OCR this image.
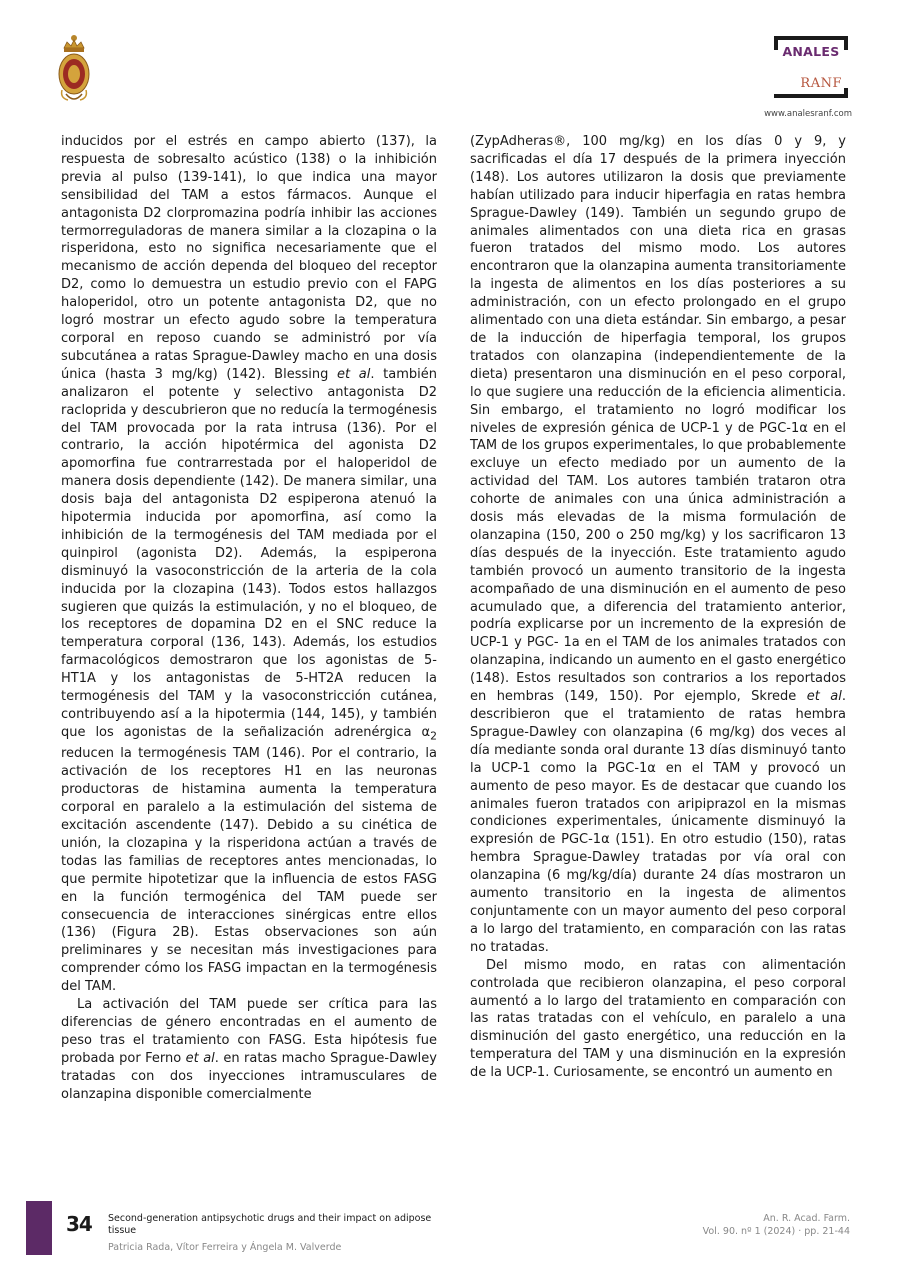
ANALES
RANF
www.analesranf.com

inducidos por el estrés en campo abierto (137), la respuesta de sobresalto acústico (138) o la inhibición previa al pulso (139-141), lo que indica una mayor sensibilidad del TAM a estos fármacos. Aunque el antagonista D2 clorpromazina podría inhibir las acciones termorreguladoras de manera similar a la clozapina o la risperidona, esto no significa necesariamente que el mecanismo de acción dependa del bloqueo del receptor D2, como lo demuestra un estudio previo con el FAPG haloperidol, otro un potente antagonista D2, que no logró mostrar un efecto agudo sobre la temperatura corporal en reposo cuando se administró por vía subcutánea a ratas Sprague-Dawley macho en una dosis única (hasta 3 mg/kg) (142). Blessing et al. también analizaron el potente y selectivo antagonista D2 racloprida y descubrieron que no reducía la termogénesis del TAM provocada por la rata intrusa (136). Por el contrario, la acción hipotérmica del agonista D2 apomorfina fue contrarrestada por el haloperidol de manera dosis dependiente (142). De manera similar, una dosis baja del antagonista D2 espiperona atenuó la hipotermia inducida por apomorfina, así como la inhibición de la termogénesis del TAM mediada por el quinpirol (agonista D2). Además, la espiperona disminuyó la vasoconstricción de la arteria de la cola inducida por la clozapina (143). Todos estos hallazgos sugieren que quizás la estimulación, y no el bloqueo, de los receptores de dopamina D2 en el SNC reduce la temperatura corporal (136, 143). Además, los estudios farmacológicos demostraron que los agonistas de 5-HT1A y los antagonistas de 5-HT2A reducen la termogénesis del TAM y la vasoconstricción cutánea, contribuyendo así a la hipotermia (144, 145), y también que los agonistas de la señalización adrenérgica $\alpha_2$ reducen la termogénesis TAM (146). Por el contrario, la activación de los receptores H1 en las neuronas productoras de histamina aumenta la temperatura corporal en paralelo a la estimulación del sistema de excitación ascendente (147). Debido a su cinética de unión, la clozapina y la risperidona actúan a través de todas las familias de receptores antes mencionadas, lo que permite hipotetizar que la influencia de estos FASG en la función termogénica del TAM puede ser consecuencia de interacciones sinérgicas entre ellos (136) (Figura 2B). Estas observaciones son aún preliminares y se necesitan más investigaciones para comprender cómo los FASG impactan en la termogénesis del TAM.

La activación del TAM puede ser crítica para las diferencias de género encontradas en el aumento de peso tras el tratamiento con FASG. Esta hipótesis fue probada por Ferno et al. en ratas macho Sprague-Dawley tratadas con dos inyecciones intramusculares de olanzapina disponible comercialmente

(ZypAdheras®, 100 mg/kg) en los días 0 y 9, y sacrificadas el día 17 después de la primera inyección (148). Los autores utilizaron la dosis que previamente habían utilizado para inducir hiperfagia en ratas hembra Sprague-Dawley (149). También un segundo grupo de animales alimentados con una dieta rica en grasas fueron tratados del mismo modo. Los autores encontraron que la olanzapina aumenta transitoriamente la ingesta de alimentos en los días posteriores a su administración, con un efecto prolongado en el grupo alimentado con una dieta estándar. Sin embargo, a pesar de la inducción de hiperfagia temporal, los grupos tratados con olanzapina (independientemente de la dieta) presentaron una disminución en el peso corporal, lo que sugiere una reducción de la eficiencia alimenticia. Sin embargo, el tratamiento no logró modificar los niveles de expresión génica de UCP-1 y de PGC-1α en el TAM de los grupos experimentales, lo que probablemente excluye un efecto mediado por un aumento de la actividad del TAM. Los autores también trataron otra cohorte de animales con una única administración a dosis más elevadas de la misma formulación de olanzapina (150, 200 o 250 mg/kg) y los sacrificaron 13 días después de la inyección. Este tratamiento agudo también provocó un aumento transitorio de la ingesta acompañado de una disminución en el aumento de peso acumulado que, a diferencia del tratamiento anterior, podría explicarse por un incremento de la expresión de UCP-1 y PGC- 1a en el TAM de los animales tratados con olanzapina, indicando un aumento en el gasto energético (148). Estos resultados son contrarios a los reportados en hembras (149, 150). Por ejemplo, Skrede et al. describieron que el tratamiento de ratas hembra Sprague-Dawley con olanzapina (6 mg/kg) dos veces al día mediante sonda oral durante 13 días disminuyó tanto la UCP-1 como la PGC-1α en el TAM y provocó un aumento de peso mayor. Es de destacar que cuando los animales fueron tratados con aripiprazol en la mismas condiciones experimentales, únicamente disminuyó la expresión de PGC-1α (151). En otro estudio (150), ratas hembra Sprague-Dawley tratadas por vía oral con olanzapina (6 mg/kg/día) durante 24 días mostraron un aumento transitorio en la ingesta de alimentos conjuntamente con un mayor aumento del peso corporal a lo largo del tratamiento, en comparación con las ratas no tratadas.

Del mismo modo, en ratas con alimentación controlada que recibieron olanzapina, el peso corporal aumentó a lo largo del tratamiento en comparación con las ratas tratadas con el vehículo, en paralelo a una disminución del gasto energético, una reducción en la temperatura del TAM y una disminución en la expresión de la UCP-1. Curiosamente, se encontró un aumento en

34 Second-generation antipsychotic drugs and their impact on adipose tissue
Patricia Rada, Vítor Ferreira y Ángela M. Valverde
An. R. Acad. Farm.
Vol. 90. nº 1 (2024) · pp. 21-44
